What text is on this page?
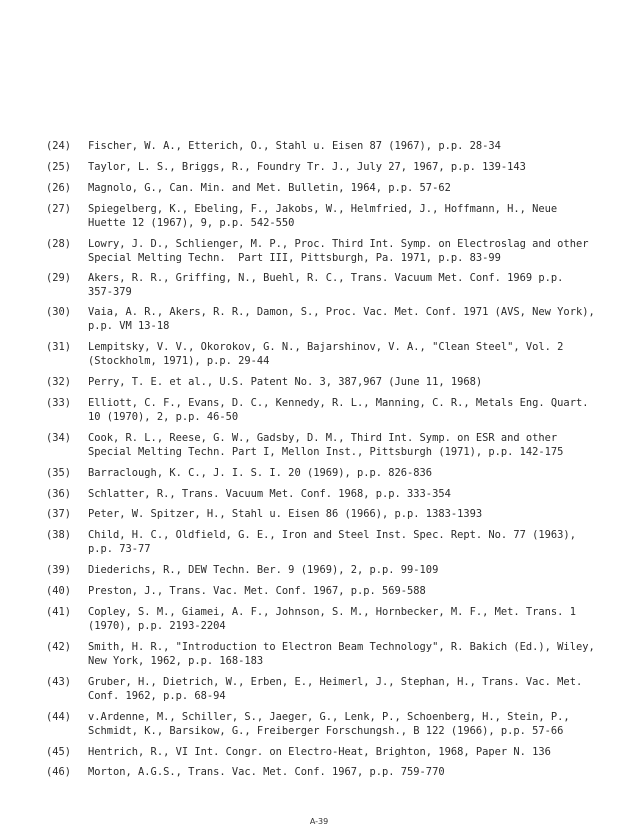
(24)	Fischer, W. A., Etterich, O., Stahl u. Eisen 87 (1967), p.p. 28-34
(25)	Taylor, L. S., Briggs, R., Foundry Tr. J., July 27, 1967, p.p. 139-143
(26)	Magnolo, G., Can. Min. and Met. Bulletin, 1964, p.p. 57-62
(27)	Spiegelberg, K., Ebeling, F., Jakobs, W., Helmfried, J., Hoffmann, H., Neue
Huette 12 (1967), 9, p.p. 542-550
(28)	Lowry, J. D., Schlienger, M. P., Proc. Third Int. Symp. on Electroslag and other
Special Melting Techn.  Part III, Pittsburgh, Pa. 1971, p.p. 83-99
(29)	Akers, R. R., Griffing, N., Buehl, R. C., Trans. Vacuum Met. Conf. 1969 p.p.
357-379
(30)	Vaia, A. R., Akers, R. R., Damon, S., Proc. Vac. Met. Conf. 1971 (AVS, New York),
p.p. VM 13-18
(31)	Lempitsky, V. V., Okorokov, G. N., Bajarshinov, V. A., "Clean Steel", Vol. 2
(Stockholm, 1971), p.p. 29-44
(32)	Perry, T. E. et al., U.S. Patent No. 3, 387,967 (June 11, 1968)
(33)	Elliott, C. F., Evans, D. C., Kennedy, R. L., Manning, C. R., Metals Eng. Quart.
10 (1970), 2, p.p. 46-50
(34)	Cook, R. L., Reese, G. W., Gadsby, D. M., Third Int. Symp. on ESR and other
Special Melting Techn. Part I, Mellon Inst., Pittsburgh (1971), p.p. 142-175
(35)	Barraclough, K. C., J. I. S. I. 20 (1969), p.p. 826-836
(36)	Schlatter, R., Trans. Vacuum Met. Conf. 1968, p.p. 333-354
(37)	Peter, W. Spitzer, H., Stahl u. Eisen 86 (1966), p.p. 1383-1393
(38)	Child, H. C., Oldfield, G. E., Iron and Steel Inst. Spec. Rept. No. 77 (1963),
p.p. 73-77
(39)	Diederichs, R., DEW Techn. Ber. 9 (1969), 2, p.p. 99-109
(40)	Preston, J., Trans. Vac. Met. Conf. 1967, p.p. 569-588
(41)	Copley, S. M., Giamei, A. F., Johnson, S. M., Hornbecker, M. F., Met. Trans. 1
(1970), p.p. 2193-2204
(42)	Smith, H. R., "Introduction to Electron Beam Technology", R. Bakich (Ed.), Wiley,
New York, 1962, p.p. 168-183
(43)	Gruber, H., Dietrich, W., Erben, E., Heimerl, J., Stephan, H., Trans. Vac. Met.
Conf. 1962, p.p. 68-94
(44)	v.Ardenne, M., Schiller, S., Jaeger, G., Lenk, P., Schoenberg, H., Stein, P.,
Schmidt, K., Barsikow, G., Freiberger Forschungsh., B 122 (1966), p.p. 57-66
(45)	Hentrich, R., VI Int. Congr. on Electro-Heat, Brighton, 1968, Paper N. 136
(46)	Morton, A.G.S., Trans. Vac. Met. Conf. 1967, p.p. 759-770
A-39
